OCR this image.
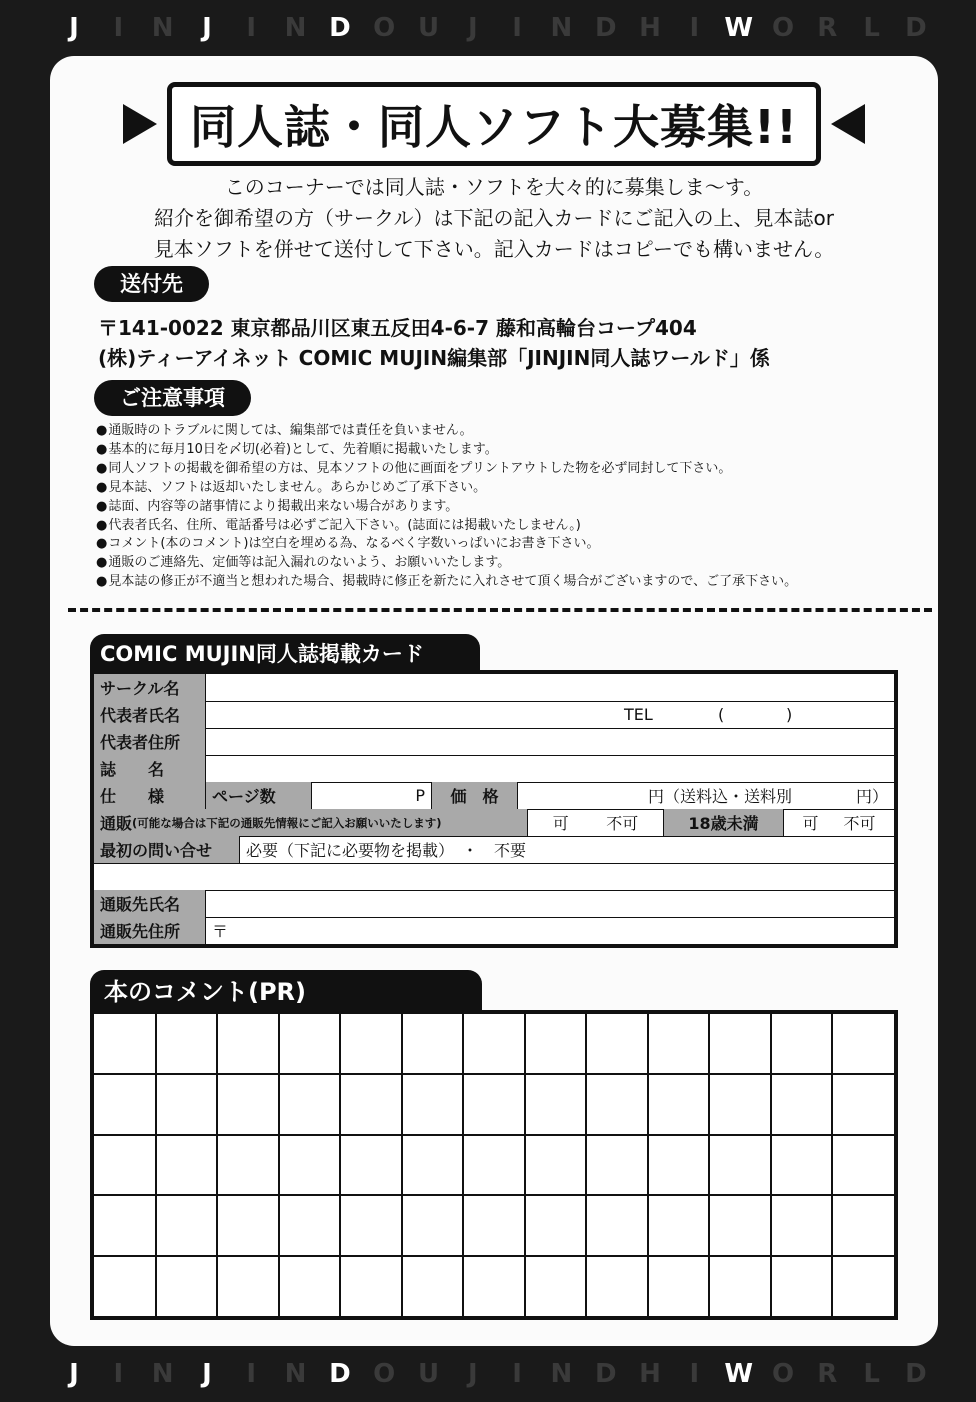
J	I	N	J	I	N D O U	J	I	N D H	I W O R	L D
同人誌・同人ソフト大募集!!
このコーナーでは同人誌・ソフトを大々的に募集しま〜す。
紹介を御希望の方（サークル）は下記の記入カードにご記入の上、見本誌or
見本ソフトを併せて送付して下さい。記入カードはコピーでも構いません。
送付先
〒141-0022 東京都品川区東五反田4-6-7 藤和高輪台コープ404
(株)ティーアイネット COMIC MUJIN編集部「JINJIN同人誌ワールド」係
ご注意事項
● 通販時のトラブルに関しては、編集部では責任を負いません。
● 基本的に毎月10日を〆切(必着)として、先着順に掲載いたします。
● 同人ソフトの掲載を御希望の方は、見本ソフトの他に画面をプリントアウトした物を必ず同封して下さい。
● 見本誌、ソフトは返却いたしません。あらかじめご了承下さい。
● 誌面、内容等の諸事情により掲載出来ない場合があります。
● 代表者氏名、住所、電話番号は必ずご記入下さい。(誌面には掲載いたしません。)
● コメント(本のコメント)は空白を埋める為、なるべく字数いっぱいにお書き下さい。
● 通販のご連絡先、定価等は記入漏れのないよう、お願いいたします。
● 見本誌の修正が不適当と想われた場合、掲載時に修正を新たに入れさせて頂く場合がございますので、ご了承下さい。
COMIC MUJIN同人誌掲載カード
サークル名
代表者氏名	TEL	(	)
代表者住所
誌　　名
仕　　様	ページ数	P	価　格	円（送料込・送料別　　　　円）
通販 (可能な場合は下記の通販先情報にご記入お願いいたします)	可 不可	18歳未満	可 不可
最初の問い合せ	必要（下記に必要物を掲載）　・　不要
通販先氏名
通販先住所	〒
本のコメント(PR)
J	I	N	J	I	N D O U	J	I	N D H	I W O R	L D
